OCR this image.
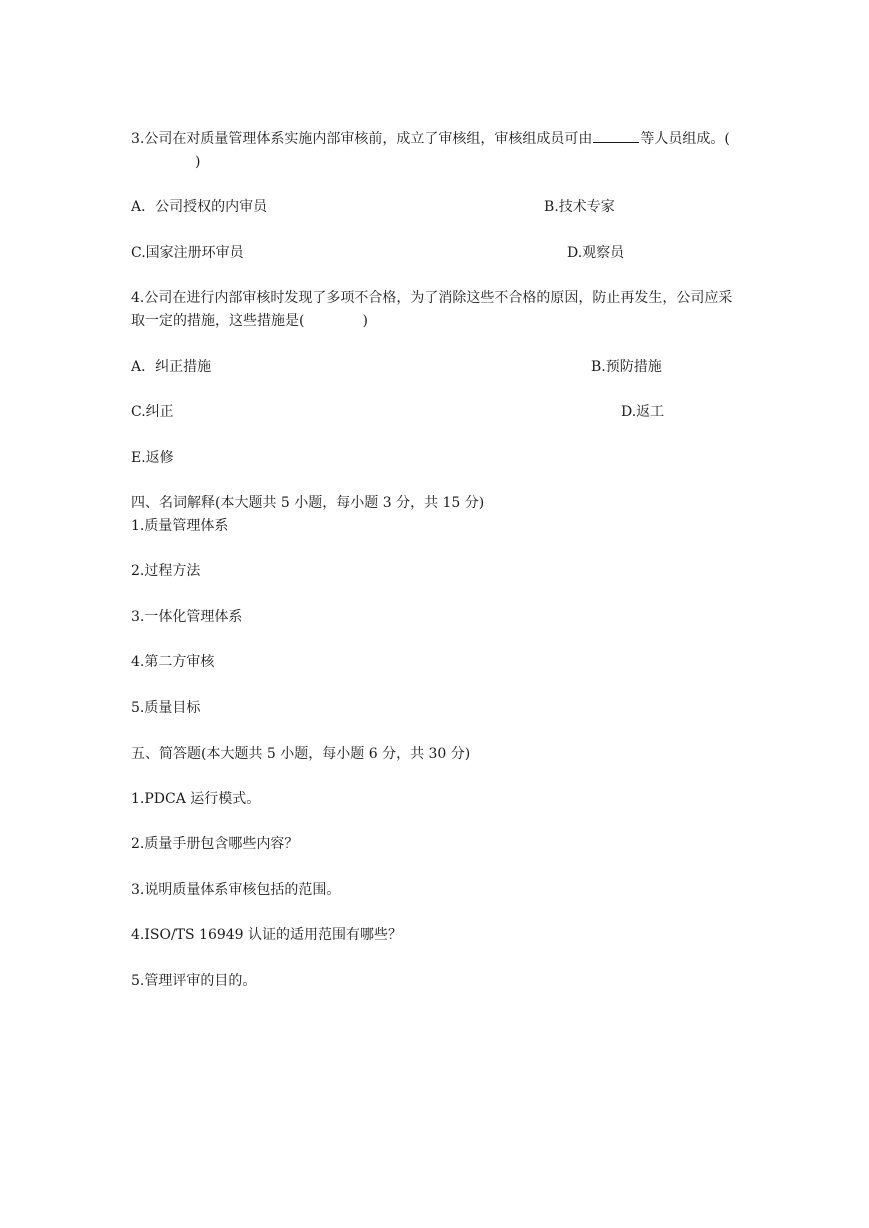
3.公司在对质量管理体系实施内部审核前，成立了审核组，审核组成员可由	等人员组成。()
A．公司授权的内审员	B.技术专家
C.国家注册环审员	D.观察员
4.公司在进行内部审核时发现了多项不合格，为了消除这些不合格的原因，防止再发生，公司应采取一定的措施，这些措施是(	)
A．纠正措施	B.预防措施
C.纠正	D.返工
E.返修
四、名词解释(本大题共 5 小题，每小题 3 分，共 15 分)
1.质量管理体系
2.过程方法
3.一体化管理体系
4.第二方审核
5.质量目标
五、简答题(本大题共 5 小题，每小题 6 分，共 30 分)
1.PDCA 运行模式。
2.质量手册包含哪些内容？
3.说明质量体系审核包括的范围。
4.ISO/TS 16949 认证的适用范围有哪些？
5.管理评审的目的。
